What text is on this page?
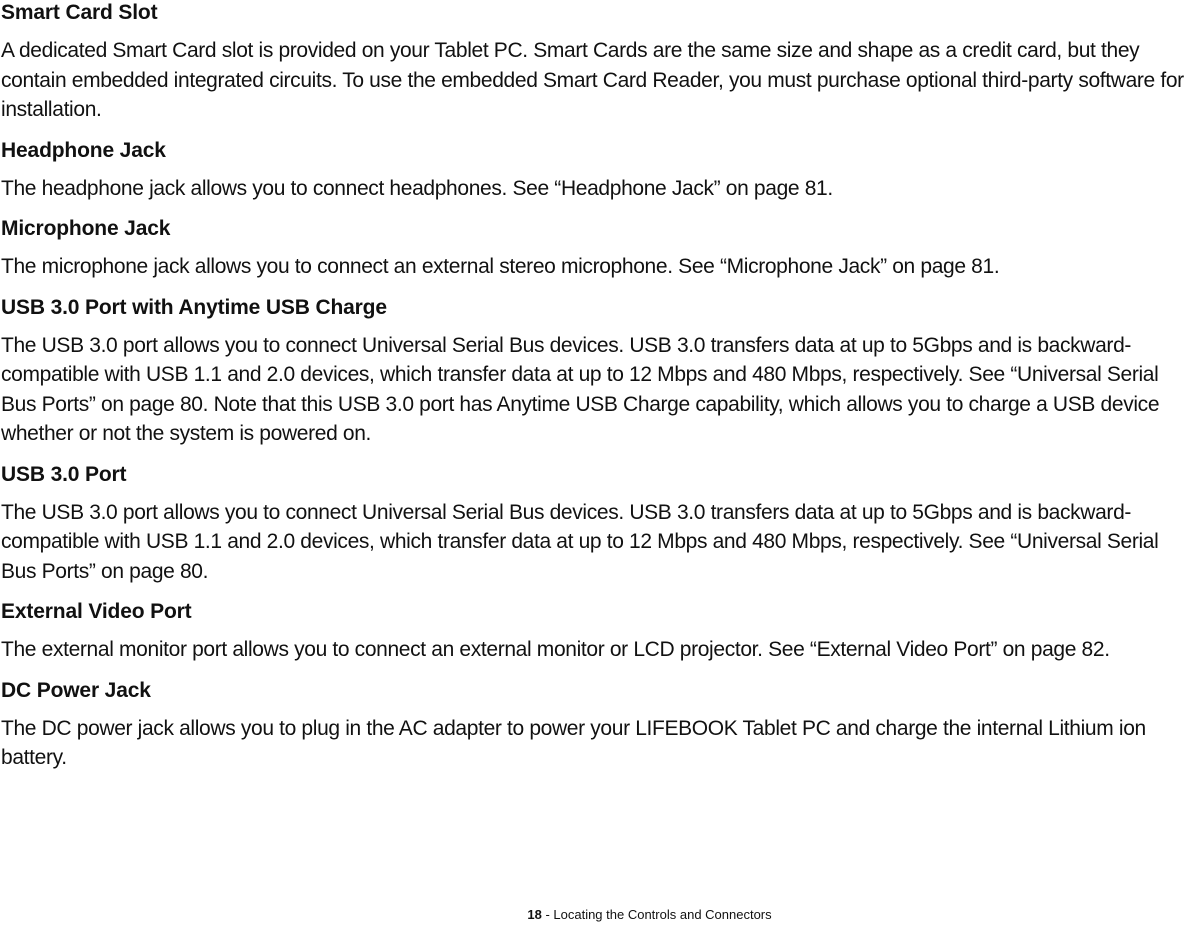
Smart Card Slot

A dedicated Smart Card slot is provided on your Tablet PC. Smart Cards are the same size and shape as a credit card, but they contain embedded integrated circuits. To use the embedded Smart Card Reader, you must purchase optional third-party software for installation.

Headphone Jack

The headphone jack allows you to connect headphones. See “Headphone Jack” on page 81.

Microphone Jack

The microphone jack allows you to connect an external stereo microphone. See “Microphone Jack” on page 81.

USB 3.0 Port with Anytime USB Charge

The USB 3.0 port allows you to connect Universal Serial Bus devices. USB 3.0 transfers data at up to 5Gbps and is backward-compatible with USB 1.1 and 2.0 devices, which transfer data at up to 12 Mbps and 480 Mbps, respectively. See “Universal Serial Bus Ports” on page 80. Note that this USB 3.0 port has Anytime USB Charge capability, which allows you to charge a USB device whether or not the system is powered on.

USB 3.0 Port

The USB 3.0 port allows you to connect Universal Serial Bus devices. USB 3.0 transfers data at up to 5Gbps and is backward-compatible with USB 1.1 and 2.0 devices, which transfer data at up to 12 Mbps and 480 Mbps, respectively. See “Universal Serial Bus Ports” on page 80.

External Video Port

The external monitor port allows you to connect an external monitor or LCD projector. See “External Video Port” on page 82.

DC Power Jack

The DC power jack allows you to plug in the AC adapter to power your LIFEBOOK Tablet PC and charge the internal Lithium ion battery.

18 - Locating the Controls and Connectors
